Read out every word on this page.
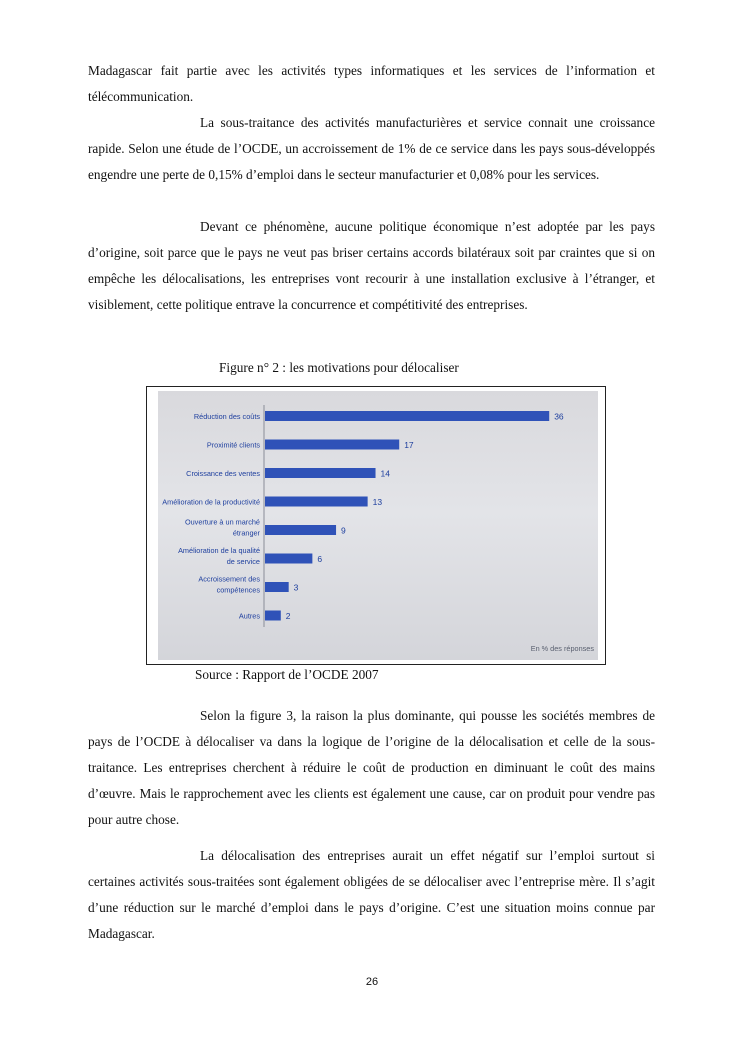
Madagascar fait partie avec les activités types informatiques et les services de l’information et télécommunication.

La sous-traitance des activités manufacturières et service connait une croissance rapide. Selon une étude de l’OCDE, un accroissement de 1% de ce service dans les pays sous-développés engendre une perte de 0,15% d’emploi dans le secteur manufacturier et 0,08% pour les services.

Devant ce phénomène, aucune politique économique n’est adoptée par les pays d’origine, soit parce que le pays ne veut pas briser certains accords bilatéraux soit par craintes que si on empêche les délocalisations, les entreprises vont recourir à une installation exclusive à l’étranger, et visiblement, cette politique entrave la concurrence et compétitivité des entreprises.

Figure n° 2 : les motivations pour délocaliser

36
Réduction des coûts
17
Proximité clients
14
Croissance des ventes
13
Amélioration de la productivité
9
Ouverture à un marché
étranger
6
Amélioration de la qualité
de service
3
Accroissement des
compétences
2
Autres
En % des réponses

Source : Rapport de l’OCDE 2007

Selon la figure 3, la raison la plus dominante, qui pousse les sociétés membres de pays de l’OCDE à délocaliser va dans la logique de l’origine de la délocalisation et celle de la sous-traitance. Les entreprises cherchent à réduire le coût de production en diminuant le coût des mains d’œuvre. Mais le rapprochement avec les clients est également une cause, car on produit pour vendre pas pour autre chose.

La délocalisation des entreprises aurait un effet négatif sur l’emploi surtout si certaines activités sous-traitées sont également obligées de se délocaliser avec l’entreprise mère. Il s’agit d’une réduction sur le marché d’emploi dans le pays d’origine. C’est une situation moins connue par Madagascar.

26
